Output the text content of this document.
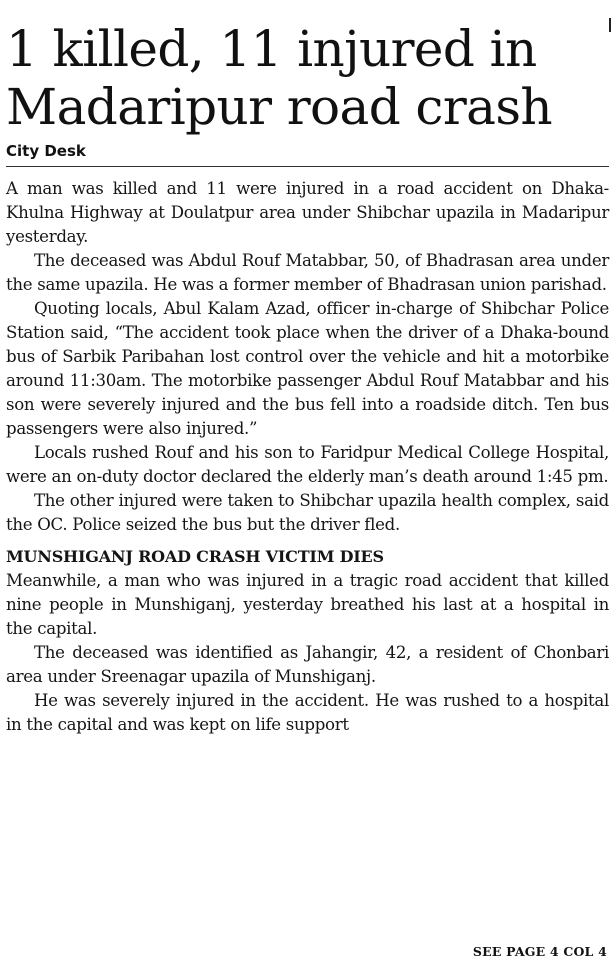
1 killed, 11 injured in Madaripur road crash
City Desk

A man was killed and 11 were injured in a road accident on Dhaka-Khulna Highway at Doulatpur area under Shibchar upazila in Madaripur yesterday.

The deceased was Abdul Rouf Matabbar, 50, of Bhadrasan area under the same upazila. He was a former member of Bhadrasan union parishad.

Quoting locals, Abul Kalam Azad, officer in-charge of Shibchar Police Station said, “The accident took place when the driver of a Dhaka-bound bus of Sarbik Paribahan lost control over the vehicle and hit a motorbike around 11:30am. The motorbike passenger Abdul Rouf Matabbar and his son were severely injured and the bus fell into a roadside ditch. Ten bus passengers were also injured.”

Locals rushed Rouf and his son to Faridpur Medical College Hospital, were an on-duty doctor declared the elderly man’s death around 1:45 pm.

The other injured were taken to Shibchar upazila health complex, said the OC. Police seized the bus but the driver fled.

MUNSHIGANJ ROAD CRASH VICTIM DIES

Meanwhile, a man who was injured in a tragic road accident that killed nine people in Munshiganj, yesterday breathed his last at a hospital in the capital.

The deceased was identified as Jahangir, 42, a resident of Chonbari area under Sreenagar upazila of Munshiganj.

He was severely injured in the accident. He was rushed to a hospital in the capital and was kept on life support

SEE PAGE 4 COL 4
